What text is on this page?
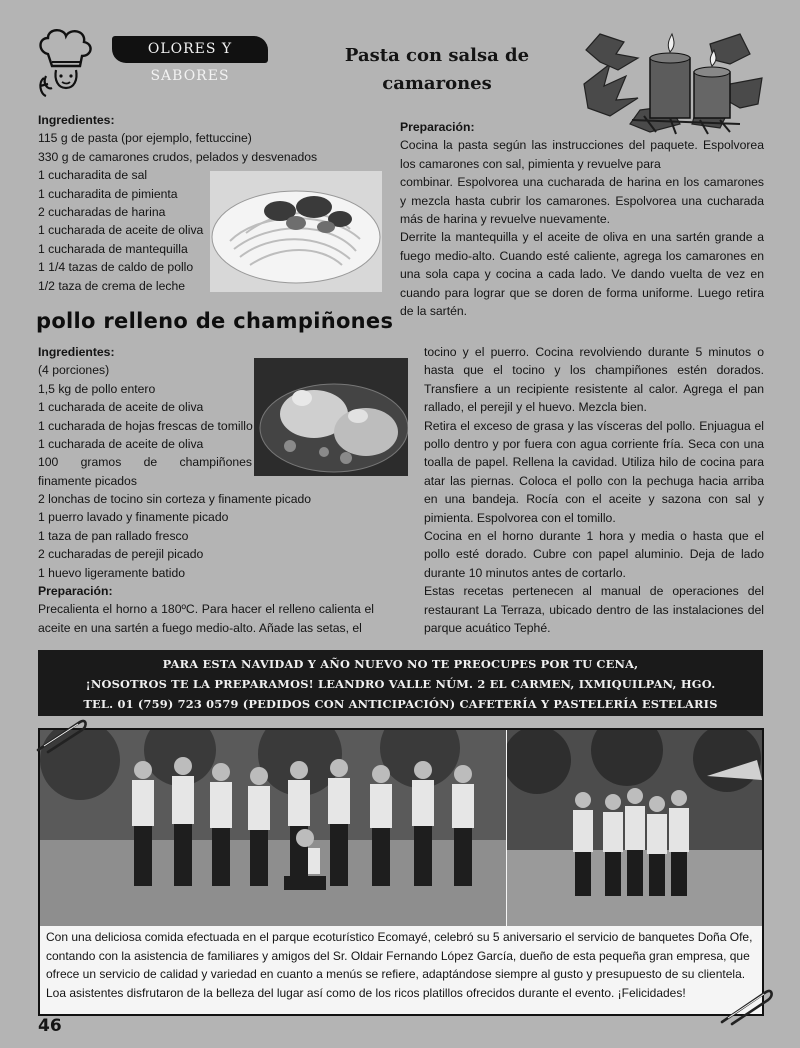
OLORES Y SABORES
Pasta con salsa de
camarones
Ingredientes:
115 g de pasta (por ejemplo, fettuccine)
330 g de camarones crudos, pelados y desvenados
1 cucharadita de sal
1 cucharadita de pimienta
2 cucharadas de harina
1 cucharada de aceite de oliva
1 cucharada de mantequilla
1 1/4 tazas de caldo de pollo
1/2 taza de crema de leche
Preparación:
Cocina la pasta según las instrucciones del paquete. Espolvorea los camarones con sal, pimienta y revuelve para
combinar. Espolvorea una cucharada de harina en los camarones y mezcla hasta cubrir los camarones. Espolvorea una cucharada más de harina y revuelve nuevamente.
Derrite la mantequilla y el aceite de oliva en una sartén grande a fuego medio-alto. Cuando esté caliente, agrega los camarones en una sola capa y cocina a cada lado. Ve dando vuelta de vez en cuando para lograr que se doren de forma uniforme. Luego retira de la sartén.
pollo relleno de champiñones
Ingredientes:
(4 porciones)
1,5 kg de pollo entero
1 cucharada de aceite de oliva
1 cucharada de hojas frescas de tomillo
1 cucharada de aceite de oliva
100 gramos de champiñones finamente picados
2 lonchas de tocino sin corteza y finamente picado
1 puerro lavado y finamente picado
1 taza de pan rallado fresco
2 cucharadas de perejil picado
1 huevo ligeramente batido
Preparación:
Precalienta el horno a 180ºC. Para hacer el relleno calienta el aceite en una sartén a fuego medio-alto. Añade las setas, el
tocino y el puerro. Cocina revolviendo durante 5 minutos o hasta que el tocino y los champiñones estén dorados. Transfiere a un recipiente resistente al calor. Agrega el pan rallado, el perejil y el huevo. Mezcla bien.
Retira el exceso de grasa y las vísceras del pollo. Enjuagua el pollo dentro y por fuera con agua corriente fría. Seca con una toalla de papel. Rellena la cavidad. Utiliza hilo de cocina para atar las piernas. Coloca el pollo con la pechuga hacia arriba en una bandeja. Rocía con el aceite y sazona con sal y pimienta. Espolvorea con el tomillo.
Cocina en el horno durante 1 hora y media o hasta que el pollo esté dorado. Cubre con papel aluminio. Deja de lado durante 10 minutos antes de cortarlo.
Estas recetas pertenecen al manual de operaciones del restaurant La Terraza, ubicado dentro de las instalaciones del parque acuático Tephé.
PARA ESTA NAVIDAD Y AÑO NUEVO NO TE PREOCUPES POR TU CENA,
¡NOSOTROS TE LA PREPARAMOS! LEANDRO VALLE NÚM. 2 EL CARMEN, IXMIQUILPAN, HGO.
TEL. 01 (759) 723 0579 (PEDIDOS CON ANTICIPACIÓN) CAFETERÍA Y PASTELERÍA ESTELARIS
Con una deliciosa comida efectuada en el parque ecoturístico Ecomayé, celebró su 5 aniversario el servicio de banquetes Doña Ofe,
contando con la asistencia de familiares y amigos del Sr. Oldair Fernando López García, dueño de esta pequeña gran empresa, que
ofrece un servicio de calidad y variedad en cuanto a menús se refiere, adaptándose siempre al gusto y presupuesto de su clientela.
Loa asistentes disfrutaron de la belleza del lugar así como de los ricos platillos ofrecidos durante el evento. ¡Felicidades!
46
